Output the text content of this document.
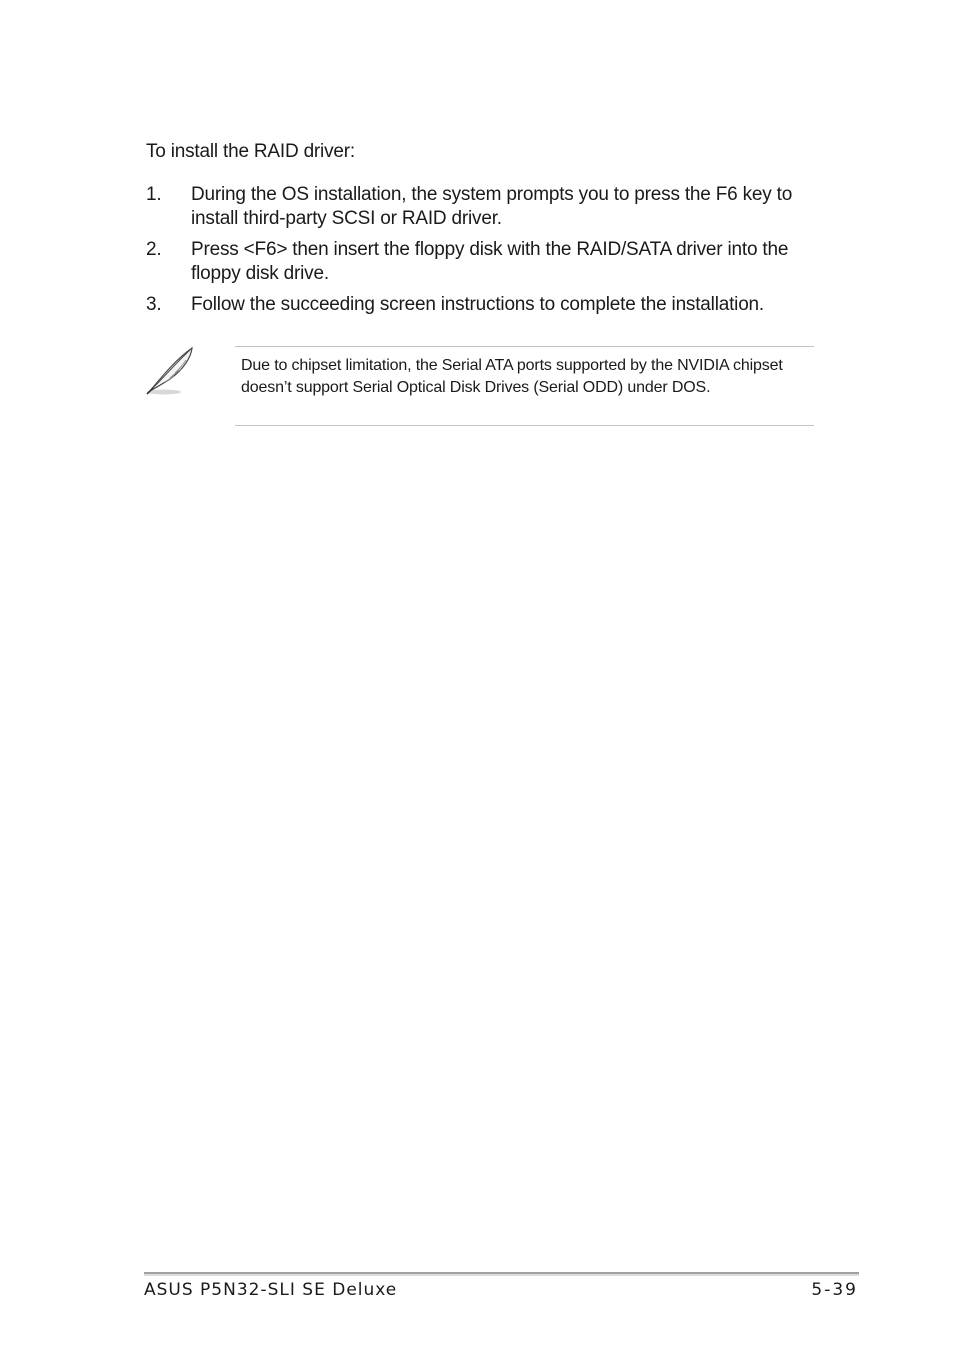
To install the RAID driver:
1. During the OS installation, the system prompts you to press the F6 key to install third-party SCSI or RAID driver.
2. Press <F6> then insert the floppy disk with the RAID/SATA driver into the floppy disk drive.
3. Follow the succeeding screen instructions to complete the installation.
Due to chipset limitation, the Serial ATA ports supported by the NVIDIA chipset doesn’t support Serial Optical Disk Drives (Serial ODD) under DOS.
ASUS P5N32-SLI SE Deluxe	5-39
